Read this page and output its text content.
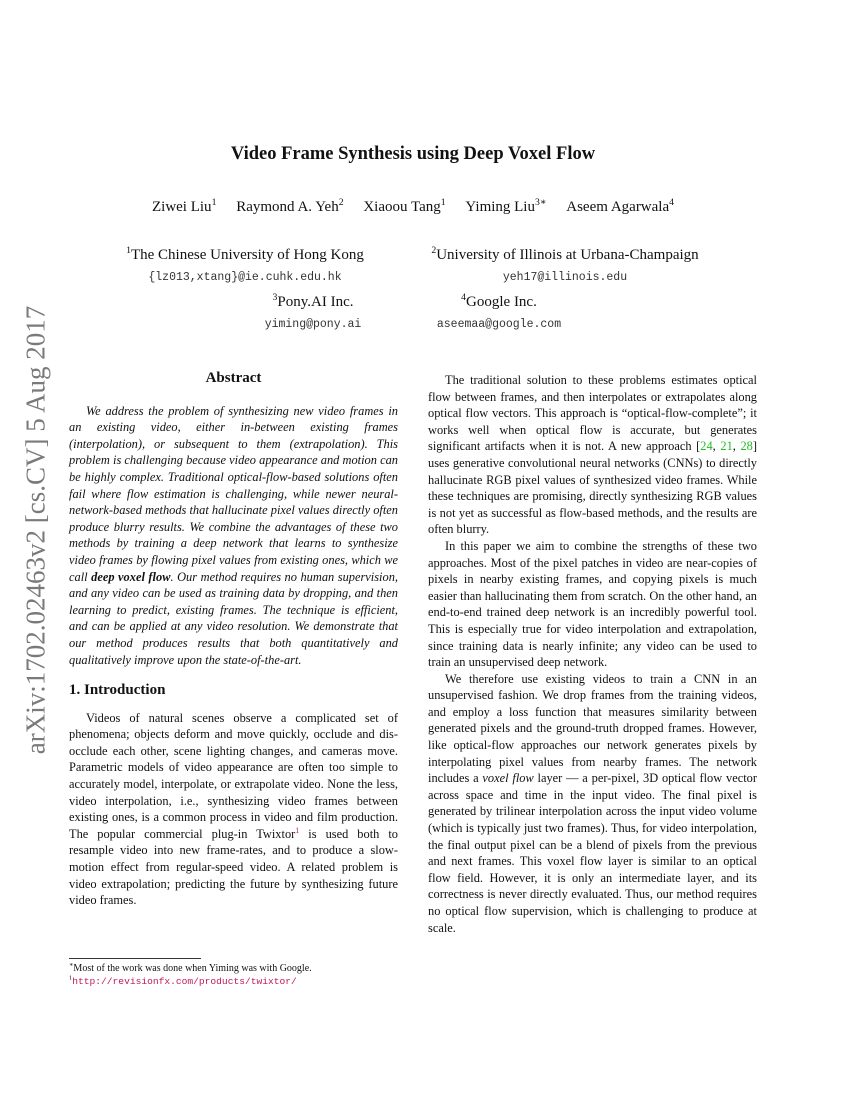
arXiv:1702.02463v2 [cs.CV] 5 Aug 2017
Video Frame Synthesis using Deep Voxel Flow
Ziwei Liu$^1$ Raymond A. Yeh$^2$ Xiaoou Tang$^1$ Yiming Liu$^{3∗}$ Aseem Agarwala$^4$
$^1$The Chinese University of Hong Kong
{lz013,xtang}@ie.cuhk.edu.hk
$^2$University of Illinois at Urbana-Champaign
yeh17@illinois.edu
$^3$Pony.AI Inc.
yiming@pony.ai
$^4$Google Inc.
aseemaa@google.com
Abstract

We address the problem of synthesizing new video frames in an existing video, either in-between existing frames (interpolation), or subsequent to them (extrapolation). This problem is challenging because video appearance and motion can be highly complex. Traditional optical-flow-based solutions often fail where flow estimation is challenging, while newer neural-network-based methods that hallucinate pixel values directly often produce blurry results. We combine the advantages of these two methods by training a deep network that learns to synthesize video frames by flowing pixel values from existing ones, which we call deep voxel flow. Our method requires no human supervision, and any video can be used as training data by dropping, and then learning to predict, existing frames. The technique is efficient, and can be applied at any video resolution. We demonstrate that our method produces results that both quantitatively and qualitatively improve upon the state-of-the-art.

1. Introduction

Videos of natural scenes observe a complicated set of phenomena; objects deform and move quickly, occlude and dis-occlude each other, scene lighting changes, and cameras move. Parametric models of video appearance are often too simple to accurately model, interpolate, or extrapolate video. None the less, video interpolation, i.e., synthesizing video frames between existing ones, is a common process in video and film production. The popular commercial plug-in Twixtor$^1$ is used both to resample video into new frame-rates, and to produce a slow-motion effect from regular-speed video. A related problem is video extrapolation; predicting the future by synthesizing future video frames.

The traditional solution to these problems estimates optical flow between frames, and then interpolates or extrapolates along optical flow vectors. This approach is “optical-flow-complete”; it works well when optical flow is accurate, but generates significant artifacts when it is not. A new approach [24, 21, 28] uses generative convolutional neural networks (CNNs) to directly hallucinate RGB pixel values of synthesized video frames. While these techniques are promising, directly synthesizing RGB values is not yet as successful as flow-based methods, and the results are often blurry.

In this paper we aim to combine the strengths of these two approaches. Most of the pixel patches in video are near-copies of pixels in nearby existing frames, and copying pixels is much easier than hallucinating them from scratch. On the other hand, an end-to-end trained deep network is an incredibly powerful tool. This is especially true for video interpolation and extrapolation, since training data is nearly infinite; any video can be used to train an unsupervised deep network.

We therefore use existing videos to train a CNN in an unsupervised fashion. We drop frames from the training videos, and employ a loss function that measures similarity between generated pixels and the ground-truth dropped frames. However, like optical-flow approaches our network generates pixels by interpolating pixel values from nearby frames. The network includes a voxel flow layer — a per-pixel, 3D optical flow vector across space and time in the input video. The final pixel is generated by trilinear interpolation across the input video volume (which is typically just two frames). Thus, for video interpolation, the final output pixel can be a blend of pixels from the previous and next frames. This voxel flow layer is similar to an optical flow field. However, it is only an intermediate layer, and its correctness is never directly evaluated. Thus, our method requires no optical flow supervision, which is challenging to produce at scale.

∗Most of the work was done when Yiming was with Google.
$^1$http://revisionfx.com/products/twixtor/
